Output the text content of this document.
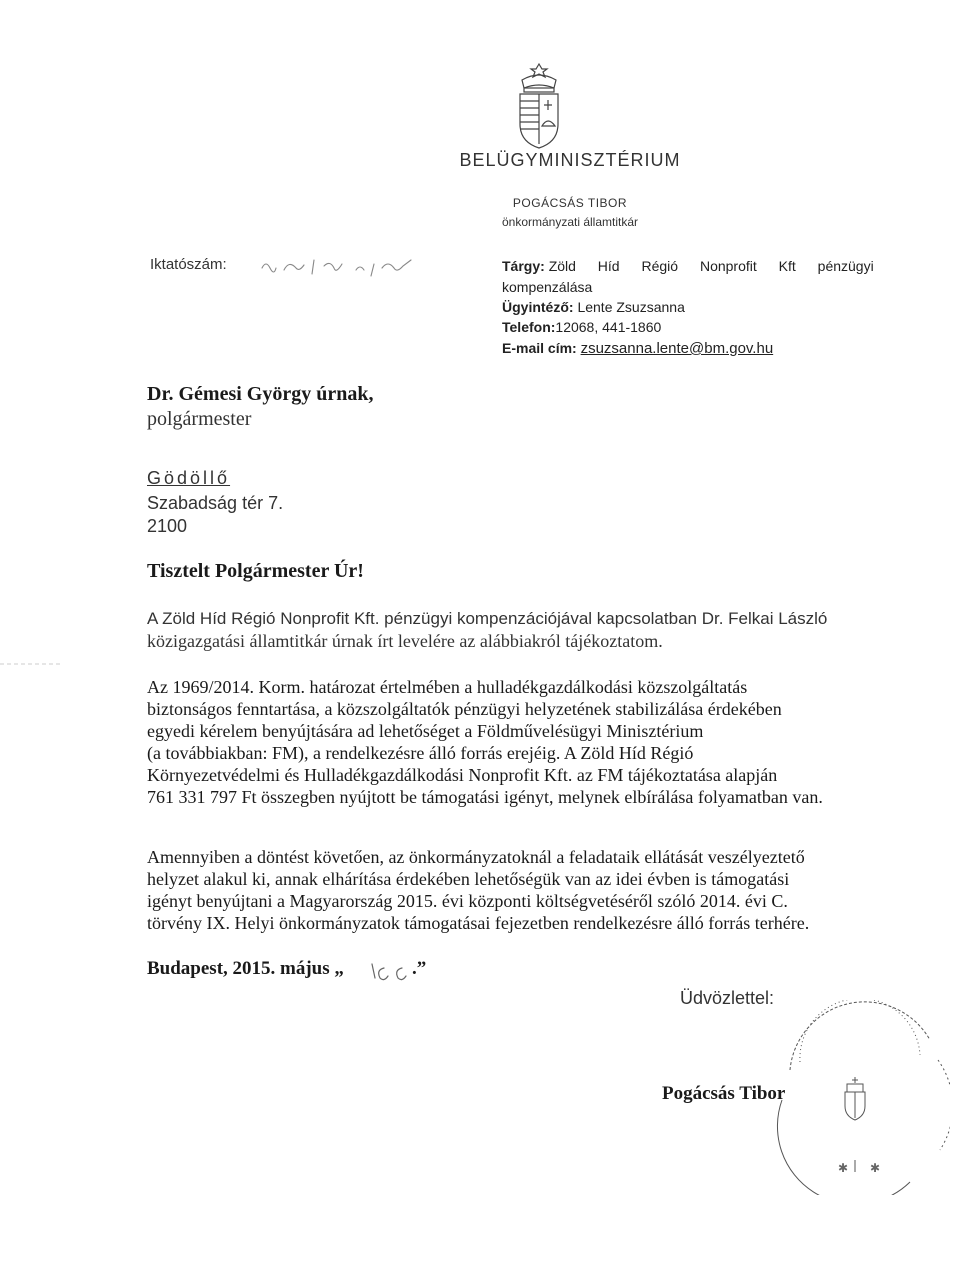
BELÜGYMINISZTÉRIUM
POGÁCSÁS TIBOR
önkormányzati államtitkár
Iktatószám:	Tárgy: Zöld Híd Régió Nonprofit Kft pénzügyi
kompenzálása
Ügyintéző: Lente Zsuzsanna
Telefon:12068, 441-1860
E-mail cím: zsuzsanna.lente@bm.gov.hu
Dr. Gémesi György úrnak,
polgármester
Gödöllő
Szabadság tér 7.
2100
Tisztelt Polgármester Úr!
A Zöld Híd Régió Nonprofit Kft. pénzügyi kompenzációjával kapcsolatban Dr. Felkai László
közigazgatási államtitkár úrnak írt levelére az alábbiakról tájékoztatom.
Az 1969/2014. Korm. határozat értelmében a hulladékgazdálkodási közszolgáltatás
biztonságos fenntartása, a közszolgáltatók pénzügyi helyzetének stabilizálása érdekében
egyedi kérelem benyújtására ad lehetőséget a Földművelésügyi Minisztérium
(a továbbiakban: FM), a rendelkezésre álló forrás erejéig. A Zöld Híd Régió
Környezetvédelmi és Hulladékgazdálkodási Nonprofit Kft. az FM tájékoztatása alapján
761 331 797 Ft összegben nyújtott be támogatási igényt, melynek elbírálása folyamatban van.
Amennyiben a döntést követően, az önkormányzatoknál a feladataik ellátását veszélyeztető
helyzet alakul ki, annak elhárítása érdekében lehetőségük van az idei évben is támogatási
igényt benyújtani a Magyarország 2015. évi központi költségvetéséről szóló 2014. évi C.
törvény IX. Helyi önkormányzatok támogatásai fejezetben rendelkezésre álló forrás terhére.
Budapest, 2015. május „	.”
Üdvözlettel:
✱ ✱
Pogácsás Tibor
